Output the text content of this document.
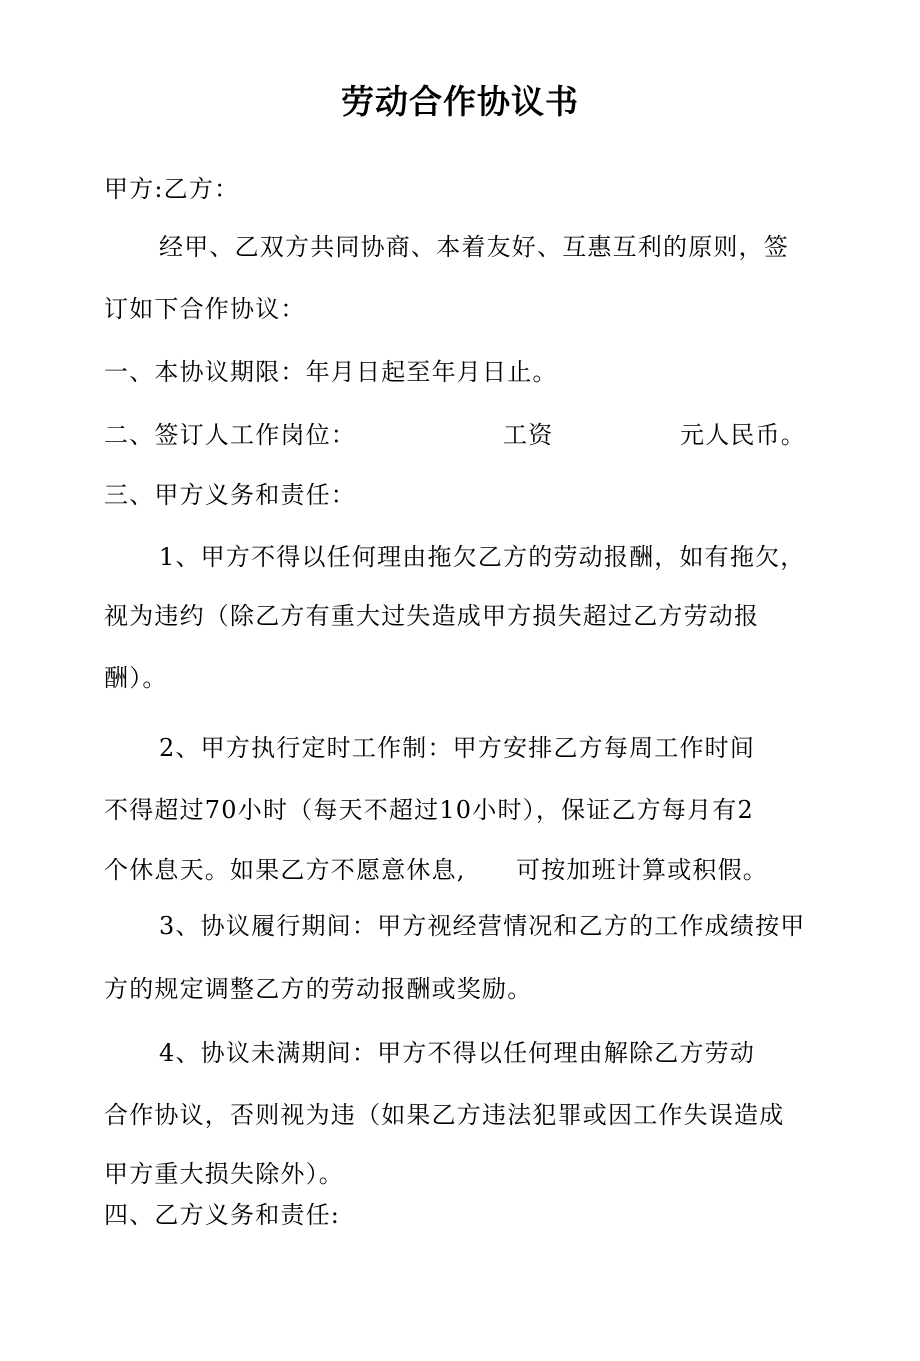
劳动合作协议书
甲方:乙方：
经甲、乙双方共同协商、本着友好、互惠互利的原则，签
订如下合作协议：
一、本协议期限：年月日起至年月日止。
二、签订人工作岗位：	工资	元人民币。
三、甲方义务和责任：
1、甲方不得以任何理由拖欠乙方的劳动报酬，如有拖欠，
视为违约（除乙方有重大过失造成甲方损失超过乙方劳动报
酬）。
2、甲方执行定时工作制：甲方安排乙方每周工作时间
不得超过70小时（每天不超过10小时），保证乙方每月有2
个休息天。如果乙方不愿意休息, 可按加班计算或积假。
3、协议履行期间：甲方视经营情况和乙方的工作成绩按甲
方的规定调整乙方的劳动报酬或奖励。
4、协议未满期间：甲方不得以任何理由解除乙方劳动
合作协议，否则视为违（如果乙方违法犯罪或因工作失误造成
甲方重大损失除外）。
四、乙方义务和责任:
